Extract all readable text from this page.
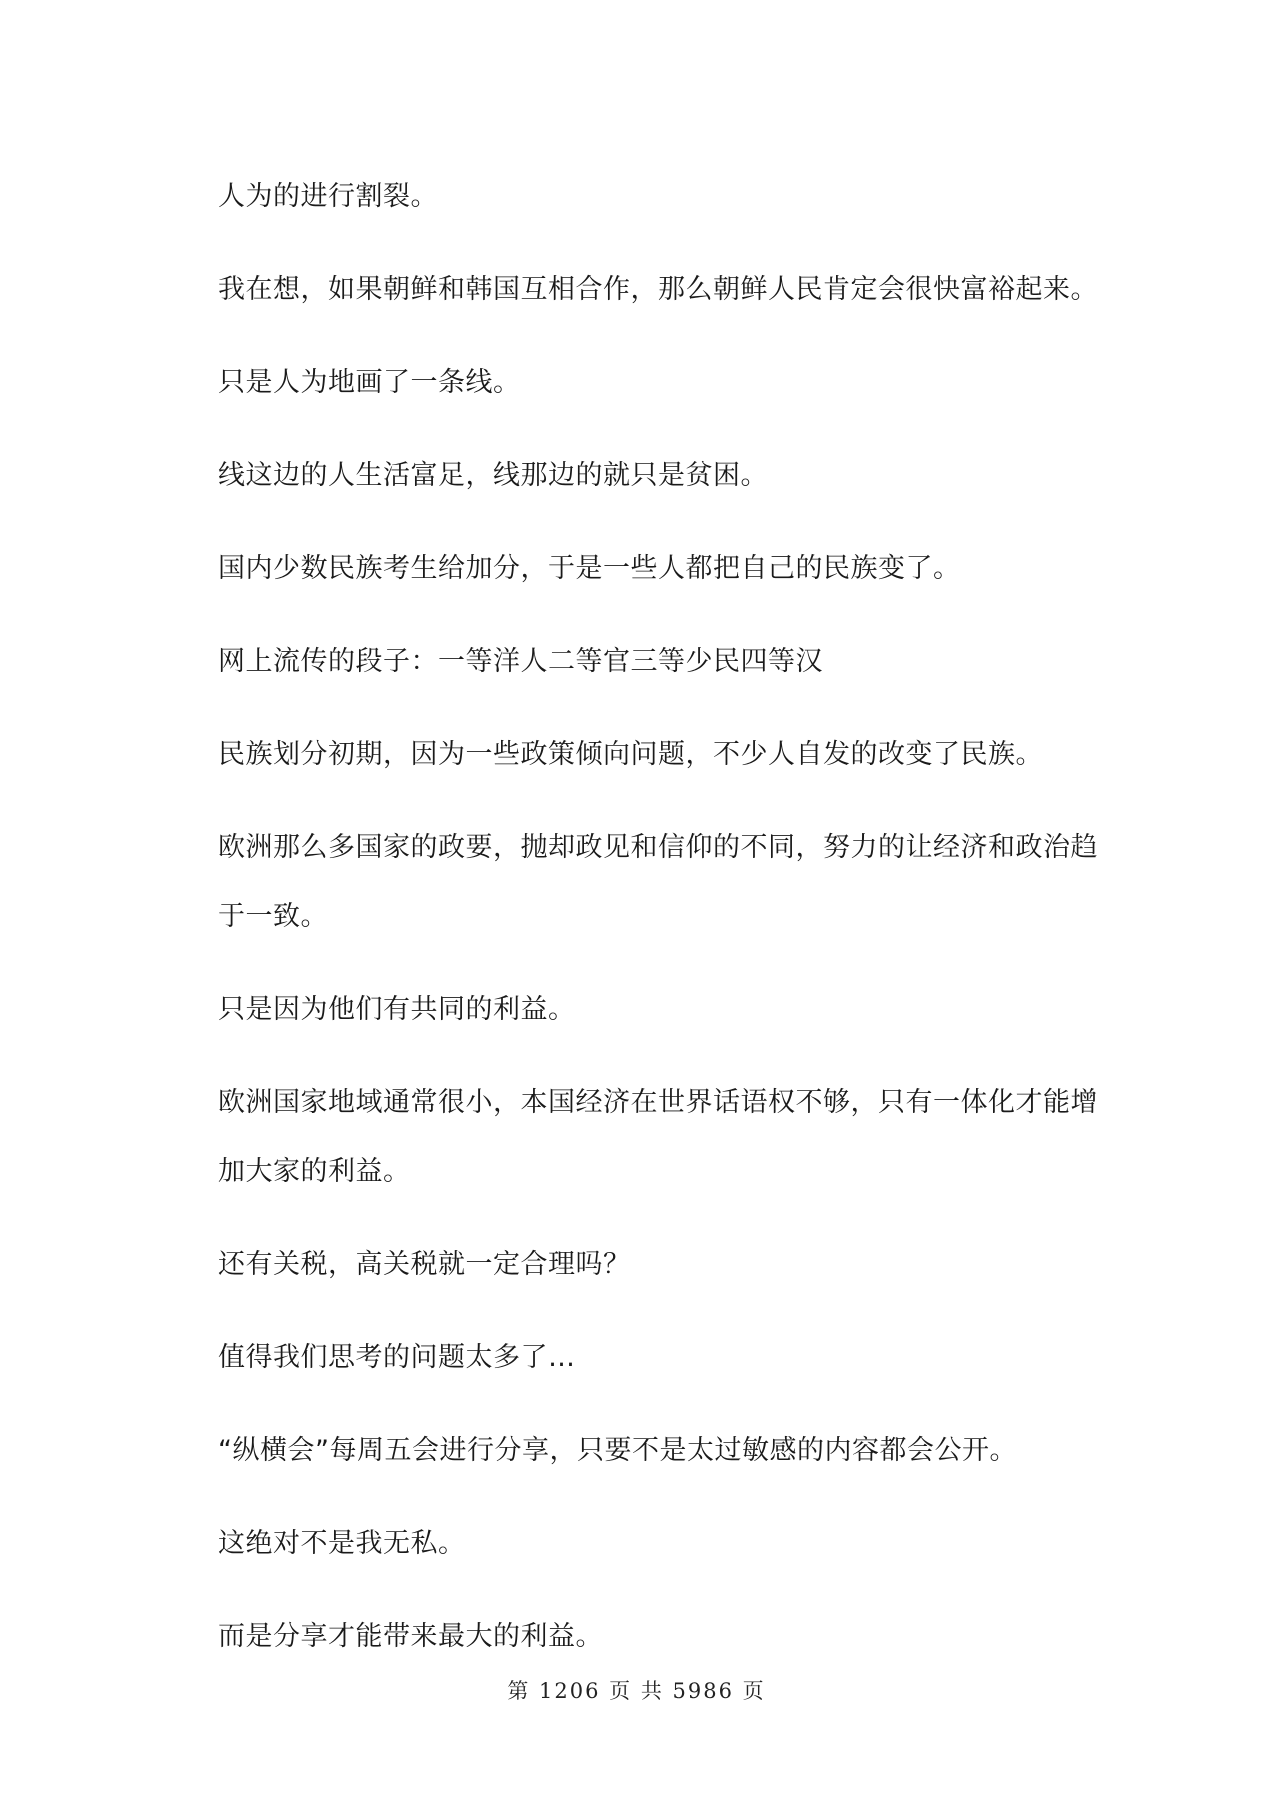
人为的进行割裂。

我在想，如果朝鲜和韩国互相合作，那么朝鲜人民肯定会很快富裕起来。

只是人为地画了一条线。

线这边的人生活富足，线那边的就只是贫困。

国内少数民族考生给加分，于是一些人都把自己的民族变了。

网上流传的段子：一等洋人二等官三等少民四等汉

民族划分初期，因为一些政策倾向问题，不少人自发的改变了民族。

欧洲那么多国家的政要，抛却政见和信仰的不同，努力的让经济和政治趋于一致。

只是因为他们有共同的利益。

欧洲国家地域通常很小，本国经济在世界话语权不够，只有一体化才能增加大家的利益。

还有关税，高关税就一定合理吗？

值得我们思考的问题太多了…

“纵横会”每周五会进行分享，只要不是太过敏感的内容都会公开。

这绝对不是我无私。

而是分享才能带来最大的利益。

第 1206 页 共 5986 页
